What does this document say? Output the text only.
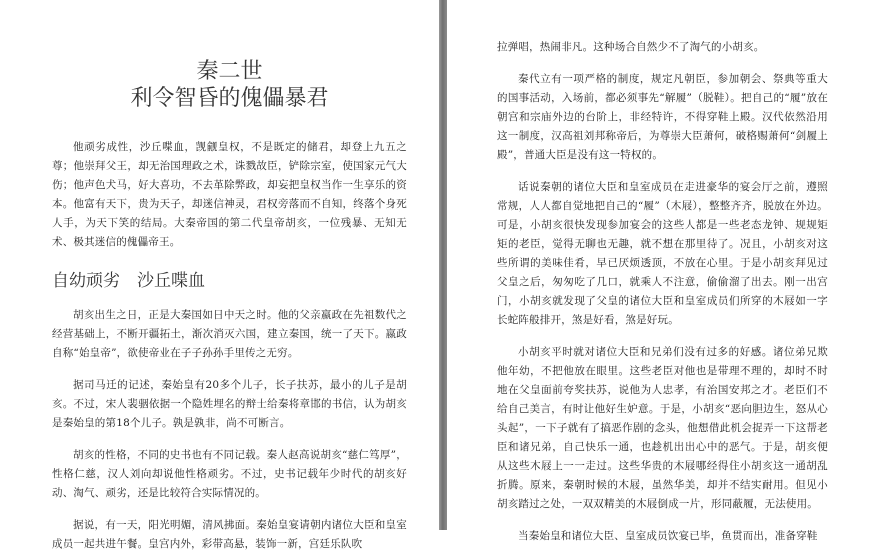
秦二世
利令智昏的傀儡暴君

他顽劣成性，沙丘喋血，觊觎皇权，不是既定的储君，却登上九五之尊；他崇拜父王，却无治国理政之术，诛戮故臣，铲除宗室，使国家元气大伤；他声色犬马，好大喜功，不去革除弊政，却妄把皇权当作一生享乐的资本。他富有天下，贵为天子，却迷信神灵，君权旁落而不自知，终落个身死人手，为天下笑的结局。大秦帝国的第二代皇帝胡亥，一位残暴、无知无术、极其迷信的傀儡帝王。

自幼顽劣　沙丘喋血

胡亥出生之日，正是大秦国如日中天之时。他的父亲嬴政在先祖数代之经营基础上，不断开疆拓土，渐次消灭六国，建立秦国，统一了天下。嬴政自称“始皇帝”，欲使帝业在子子孙孙手里传之无穷。

据司马迁的记述，秦始皇有20多个儿子，长子扶苏，最小的儿子是胡亥。不过，宋人裴骃依据一个隐姓埋名的辩士给秦将章邯的书信，认为胡亥是秦始皇的第18个儿子。孰是孰非，尚不可断言。

胡亥的性格，不同的史书也有不同记载。秦人赵高说胡亥“慈仁笃厚”，性格仁慈，汉人刘向却说他性格顽劣。不过，史书记载年少时代的胡亥好动、淘气、顽劣，还是比较符合实际情况的。

据说，有一天，阳光明媚，清风拂面。秦始皇宴请朝内诸位大臣和皇室成员一起共进午餐。皇宫内外，彩带高悬，装饰一新，宫廷乐队吹

拉弹唱，热闹非凡。这种场合自然少不了淘气的小胡亥。

秦代立有一项严格的制度，规定凡朝臣，参加朝会、祭典等重大的国事活动，入场前，都必须事先“解履”（脱鞋）。把自己的“履”放在朝宫和宗庙外边的台阶上，非经特许，不得穿鞋上殿。汉代依然沿用这一制度，汉高祖刘邦称帝后，为尊崇大臣萧何，破格赐萧何“剑履上殿”，普通大臣是没有这一特权的。

话说秦朝的诸位大臣和皇室成员在走进豪华的宴会厅之前，遵照常规，人人都自觉地把自己的“履”（木屐），整整齐齐，脱放在外边。可是，小胡亥很快发现参加宴会的这些人都是一些老态龙钟、规规矩矩的老臣，觉得无聊也无趣，就不想在那里待了。况且，小胡亥对这些所谓的美味佳肴，早已厌烦透顶，不放在心里。于是小胡亥拜见过父皇之后，匆匆吃了几口，就乘人不注意，偷偷溜了出去。刚一出宫门，小胡亥就发现了父皇的诸位大臣和皇室成员们所穿的木屐如一字长蛇阵般排开，煞是好看，煞是好玩。

小胡亥平时就对诸位大臣和兄弟们没有过多的好感。诸位弟兄欺他年幼，不把他放在眼里。这些老臣对他也是带理不理的，却时不时地在父皇面前夸奖扶苏，说他为人忠孝，有治国安邦之才。老臣们不给自己美言，有时让他好生妒意。于是，小胡亥“恶向胆边生，怒从心头起”，一下子就有了搞恶作剧的念头，他想借此机会捉弄一下这帮老臣和诸兄弟，自己快乐一通，也趁机出出心中的恶气。于是，胡亥便从这些木屐上一一走过。这些华贵的木屐哪经得住小胡亥这一通胡乱折腾。原来，秦朝时候的木屐，虽然华美，却并不结实耐用。但见小胡亥踏过之处，一双双精美的木屐倒成一片，形同蔽履，无法使用。

当秦始皇和诸位大臣、皇室成员饮宴已毕，鱼贯而出，准备穿鞋
